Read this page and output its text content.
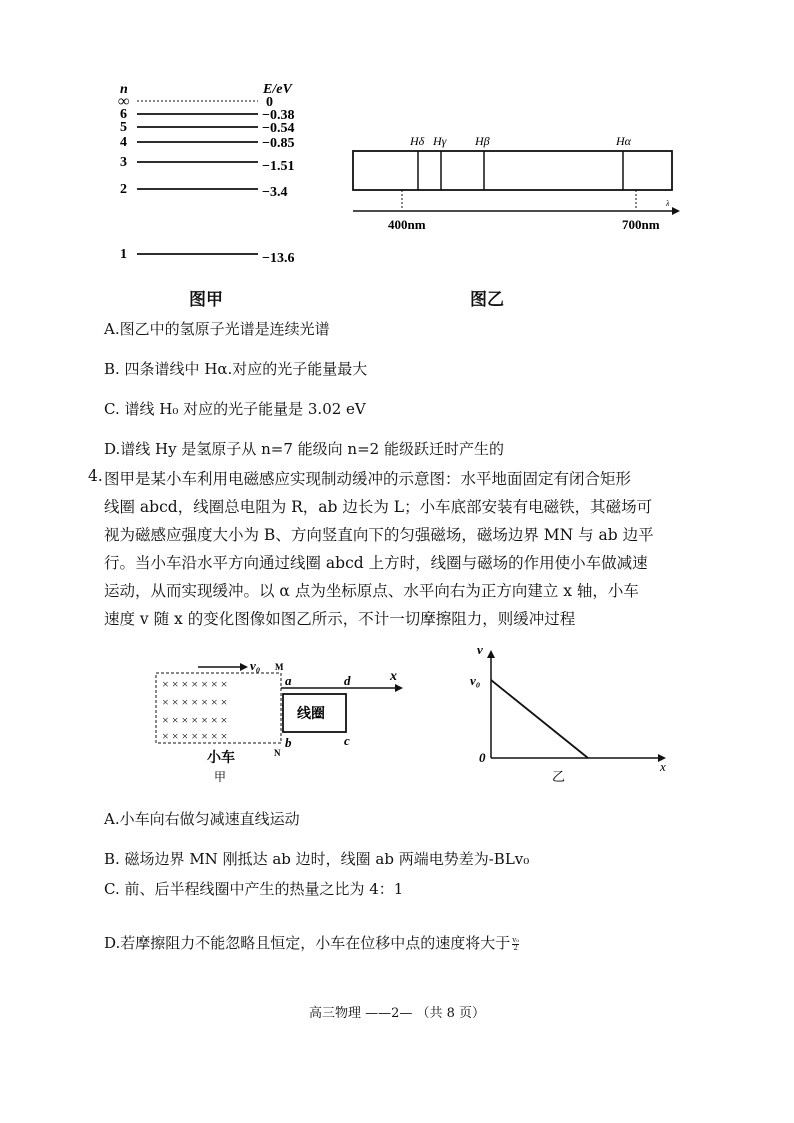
n	E/eV
∞	0
6	−0.38
5	−0.54
4	−0.85
3	−1.51
2	−3.4
1	−13.6
Hδ Hγ Hβ	Hα
λ
400nm	700nm
图甲	图乙
A.图乙中的氢原子光谱是连续光谱
B. 四条谱线中 Hα.对应的光子能量最大
C. 谱线 H₀ 对应的光子能量是 3.02 eV
D.谱线 Hy 是氢原子从 n=7 能级向 n=2 能级跃迁时产生的
4. 图甲是某小车利用电磁感应实现制动缓冲的示意图：水平地面固定有闭合矩形
线圈 abcd，线圈总电阻为 R，ab 边长为 L；小车底部安装有电磁铁，其磁场可
视为磁感应强度大小为 B、方向竖直向下的匀强磁场，磁场边界 MN 与 ab 边平
行。当小车沿水平方向通过线圈 abcd 上方时，线圈与磁场的作用使小车做减速
运动，从而实现缓冲。以 α 点为坐标原点、水平向右为正方向建立 x 轴，小车
速度 v 随 x 的变化图像如图乙所示，不计一切摩擦阻力，则缓冲过程
× × × × × × ×
× × × × × × ×
× × × × × × ×
× × × × × × ×
v₀ M
N
x
线圈
a
b	c
d
小车
甲
v
v₀
0
x
乙
A.小车向右做匀减速直线运动
B. 磁场边界 MN 刚抵达 ab 边时，线圈 ab 两端电势差为-BLv₀
C. 前、后半程线圈中产生的热量之比为 4：1
D.若摩擦阻力不能忽略且恒定，小车在位移中点的速度将大于 $\frac{\text{v₀}}{2}$
高三物理 ——2— （共 8 页）
